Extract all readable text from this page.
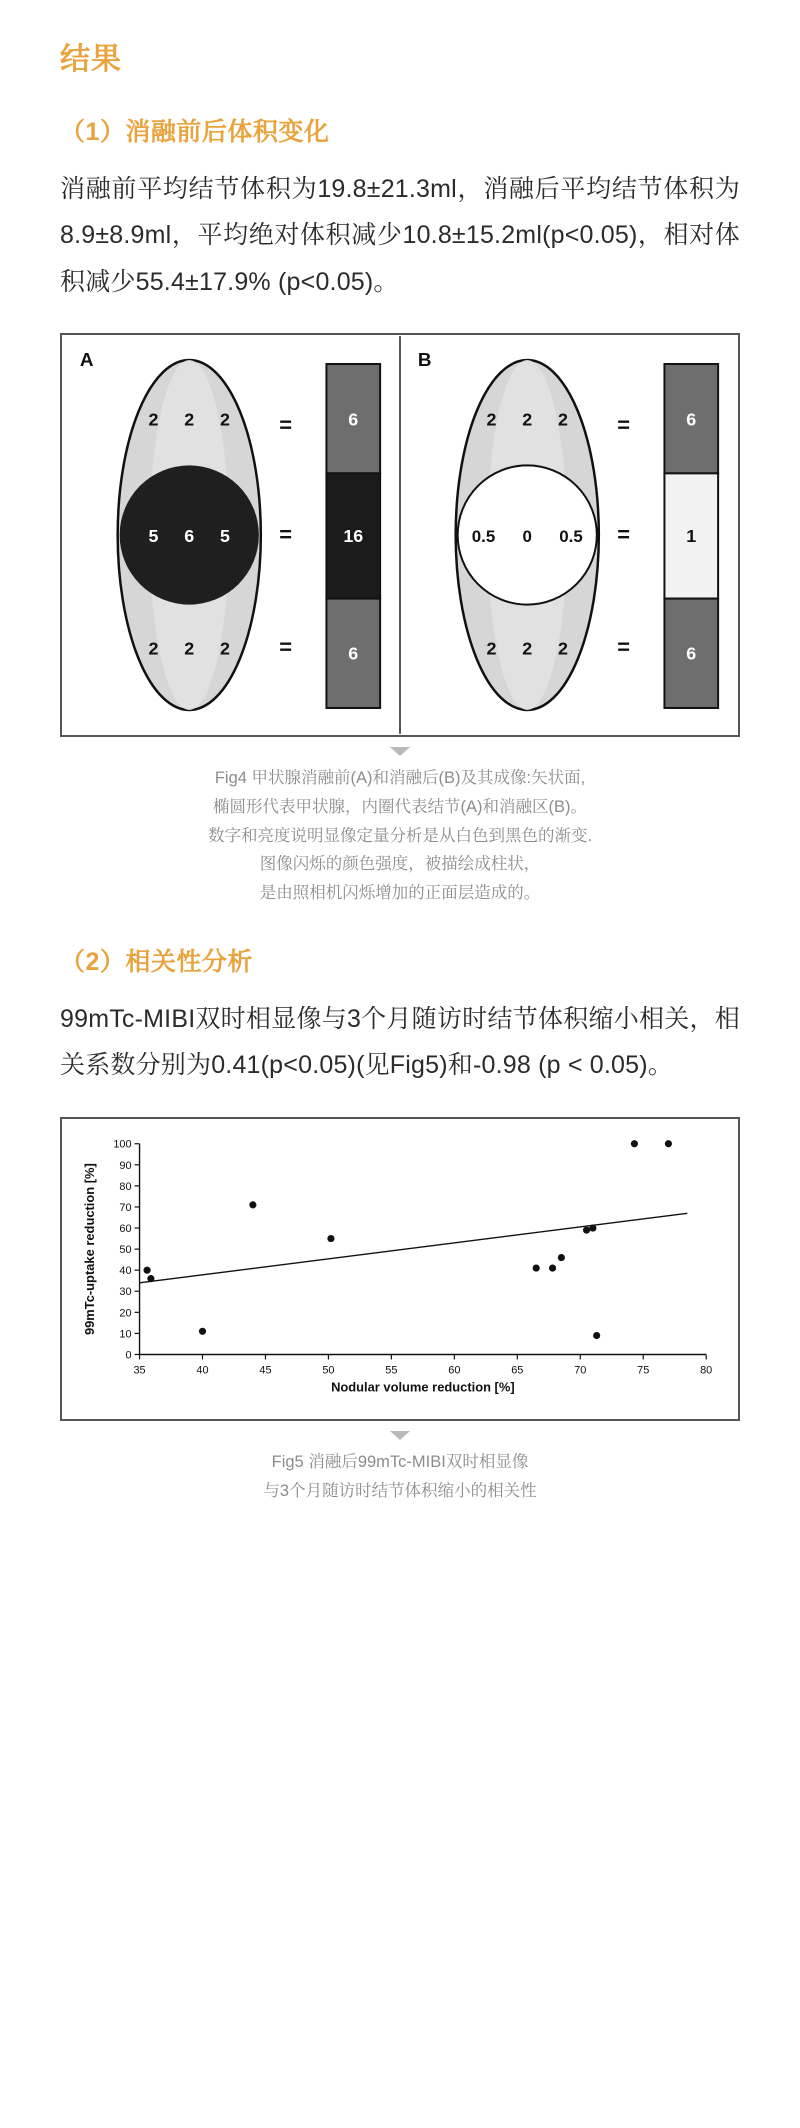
结果
（1）消融前后体积变化

消融前平均结节体积为19.8±21.3ml，消融后平均结节体积为8.9±8.9ml，平均绝对体积减少10.8±15.2ml(p<0.05)，相对体积减少55.4±17.9% (p<0.05)。

A
2 2 2
5 6 5
2 2 2
=
=
=
6
16
6
B
2 2 2
0.5 0 0.5
2 2 2
=
=
=
6
1
6
Fig4 甲状腺消融前(A)和消融后(B)及其成像:矢状面,
椭圆形代表甲状腺，内圈代表结节(A)和消融区(B)。
数字和亮度说明显像定量分析是从白色到黑色的渐变.
图像闪烁的颜色强度，被描绘成柱状，
是由照相机闪烁增加的正面层造成的。
（2）相关性分析

99mTc-MIBI双时相显像与3个月随访时结节体积缩小相关，相关系数分别为0.41(p<0.05)(见Fig5)和-0.98 (p < 0.05)。

35	40	45	50	55	60	65	70	75	80
0
10
20
30
40
50
60
70
80
90
100
Nodular volume reduction [%]
99mTc-uptake reduction [%]
Fig5 消融后99mTc-MIBI双时相显像
与3个月随访时结节体积缩小的相关性
